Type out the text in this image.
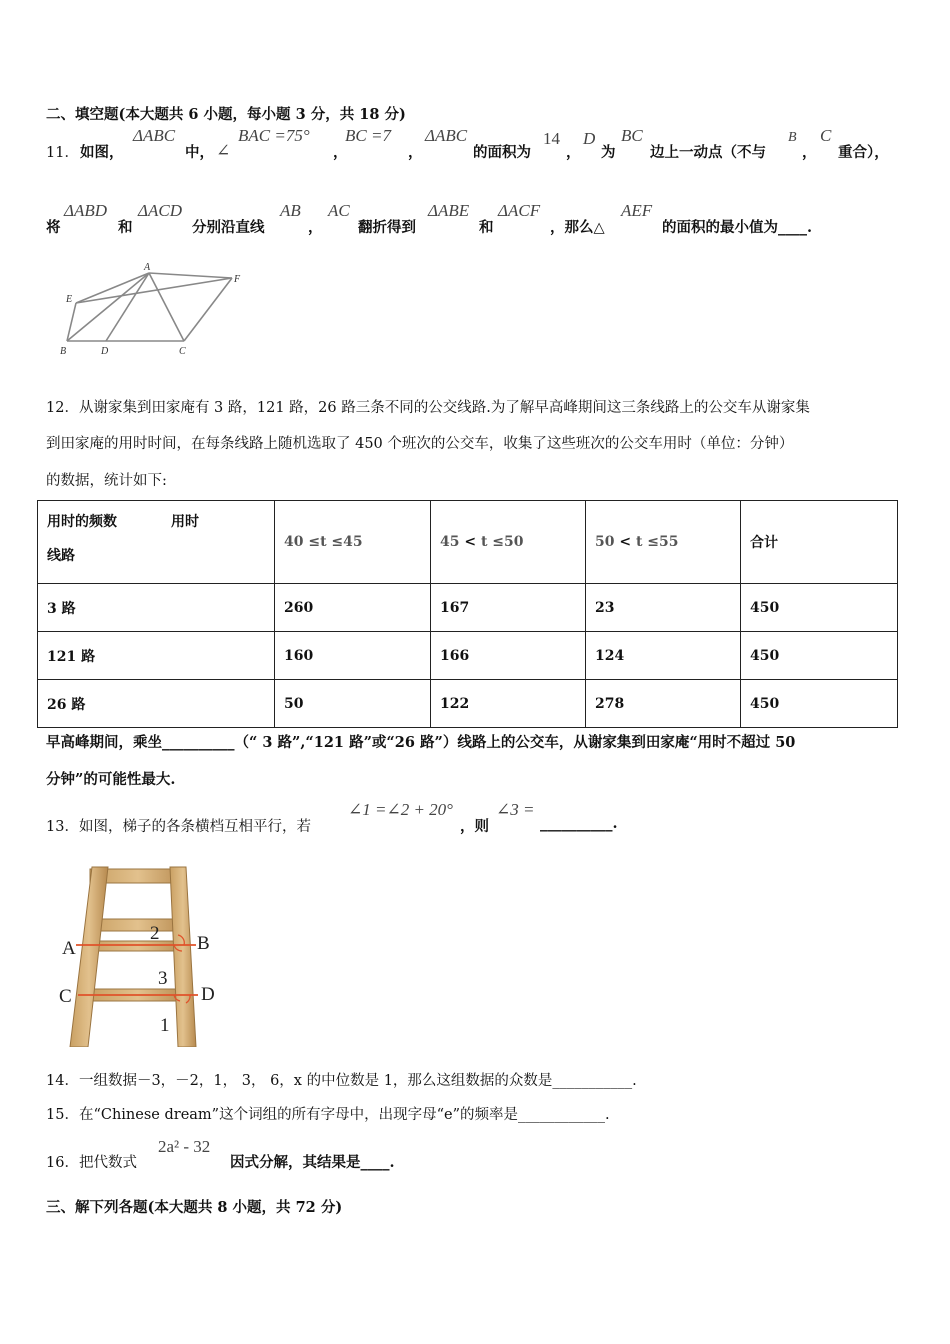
二、填空题(本大题共 6 小题，每小题 3 分，共 18 分)
11． 如图，
ΔABC
中， ∠
BAC =75°
，
BC =7
，
ΔABC
的面积为
14
，
D
为
BC
边上一动点（不与
B
，
C
重合），
将
ΔABD
和
ΔACD
分别沿直线
AB
，
AC
翻折得到
ΔABE
和
ΔACF
，那么△
AEF
的面积的最小值为____.
A
B	D	C
E
F
12．从谢家集到田家庵有 3 路，121 路，26 路三条不同的公交线路.为了解早高峰期间这三条线路上的公交车从谢家集
到田家庵的用时时间，在每条线路上随机选取了 450 个班次的公交车，收集了这些班次的公交车用时（单位：分钟）
的数据，统计如下:
用时的频数 用时
线路	40 ≤t ≤45	45 < t ≤50	50 < t ≤55	合计
3 路	260	167	23	450
121 路	160	166	124	450
26 路	50	122	278	450
早高峰期间，乘坐__________（“ 3 路”,“121 路”或“26 路”）线路上的公交车，从谢家集到田家庵“用时不超过 50
分钟”的可能性最大.
13．如图，梯子的各条横档互相平行，若
∠1 =∠2 + 20°
，则
∠3 =
__________.
A	B
C	D
2
3
1
14．一组数据－3，－2，1， 3， 6，x 的中位数是 1，那么这组数据的众数是___________.
15．在“Chinese dream”这个词组的所有字母中，出现字母“e”的频率是____________.
16．把代数式
2a² - 32
因式分解，其结果是____.
三、解下列各题(本大题共 8 小题，共 72 分)
